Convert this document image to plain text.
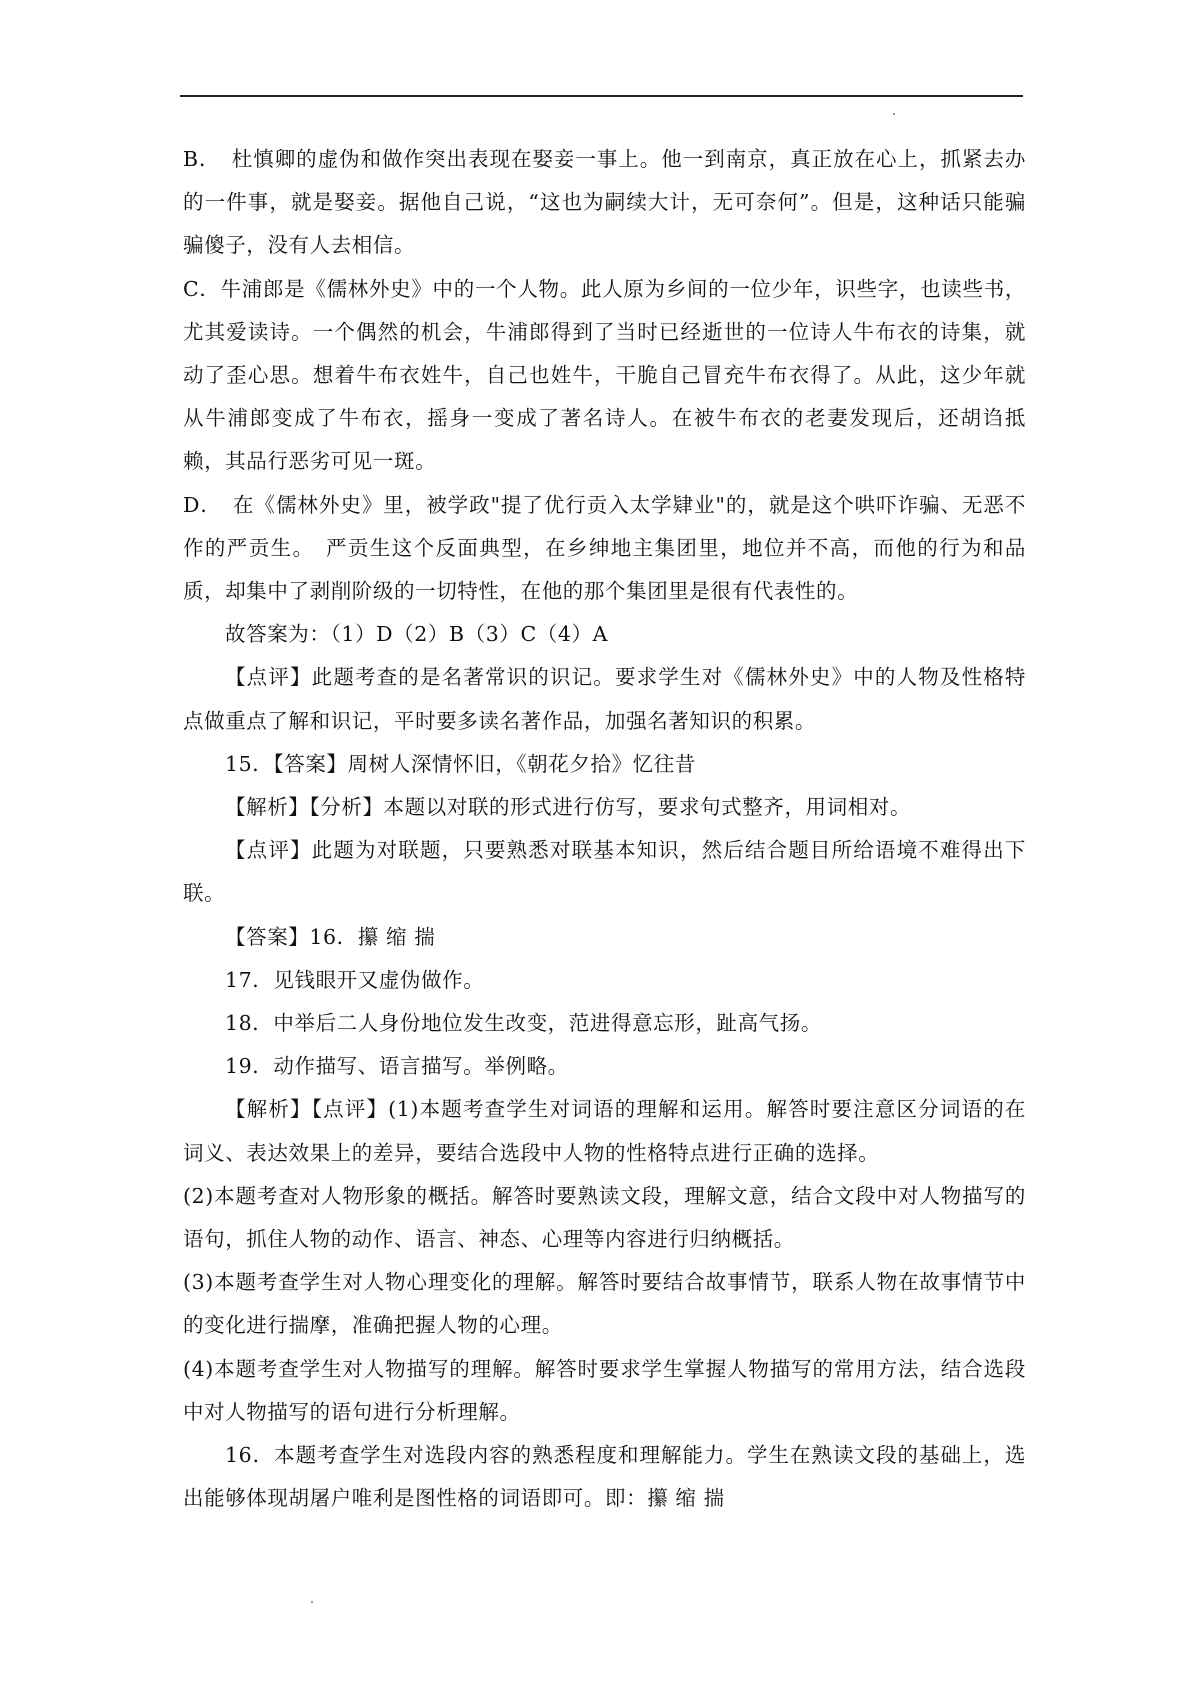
B．　杜慎卿的虚伪和做作突出表现在娶妾一事上。他一到南京，真正放在心上，抓紧去办的一件事，就是娶妾。据他自己说，“这也为嗣续大计，无可奈何”。但是，这种话只能骗骗傻子，没有人去相信。

C．牛浦郎是《儒林外史》中的一个人物。此人原为乡间的一位少年，识些字，也读些书，尤其爱读诗。一个偶然的机会，牛浦郎得到了当时已经逝世的一位诗人牛布衣的诗集，就动了歪心思。想着牛布衣姓牛，自己也姓牛，干脆自己冒充牛布衣得了。从此，这少年就从牛浦郎变成了牛布衣，摇身一变成了著名诗人。在被牛布衣的老妻发现后，还胡诌抵赖，其品行恶劣可见一斑。

D．　在《儒林外史》里，被学政"提了优行贡入太学肄业"的，就是这个哄吓诈骗、无恶不作的严贡生。　严贡生这个反面典型，在乡绅地主集团里，地位并不高，而他的行为和品质，却集中了剥削阶级的一切特性，在他的那个集团里是很有代表性的。

故答案为：（1）D（2）B（3）C（4）A

【点评】此题考查的是名著常识的识记。要求学生对《儒林外史》中的人物及性格特点做重点了解和识记，平时要多读名著作品，加强名著知识的积累。

15．【答案】周树人深情怀旧，《朝花夕拾》忆往昔

【解析】【分析】本题以对联的形式进行仿写，要求句式整齐，用词相对。

【点评】此题为对联题，只要熟悉对联基本知识，然后结合题目所给语境不难得出下联。

【答案】16．攥 缩 揣

17．见钱眼开又虚伪做作。

18．中举后二人身份地位发生改变，范进得意忘形，趾高气扬。

19．动作描写、语言描写。举例略。

【解析】【点评】(1)本题考查学生对词语的理解和运用。解答时要注意区分词语的在词义、表达效果上的差异，要结合选段中人物的性格特点进行正确的选择。

(2)本题考查对人物形象的概括。解答时要熟读文段，理解文意，结合文段中对人物描写的语句，抓住人物的动作、语言、神态、心理等内容进行归纳概括。

(3)本题考查学生对人物心理变化的理解。解答时要结合故事情节，联系人物在故事情节中的变化进行揣摩，准确把握人物的心理。

(4)本题考查学生对人物描写的理解。解答时要求学生掌握人物描写的常用方法，结合选段中对人物描写的语句进行分析理解。

16．本题考查学生对选段内容的熟悉程度和理解能力。学生在熟读文段的基础上，选出能够体现胡屠户唯利是图性格的词语即可。即：攥 缩 揣
